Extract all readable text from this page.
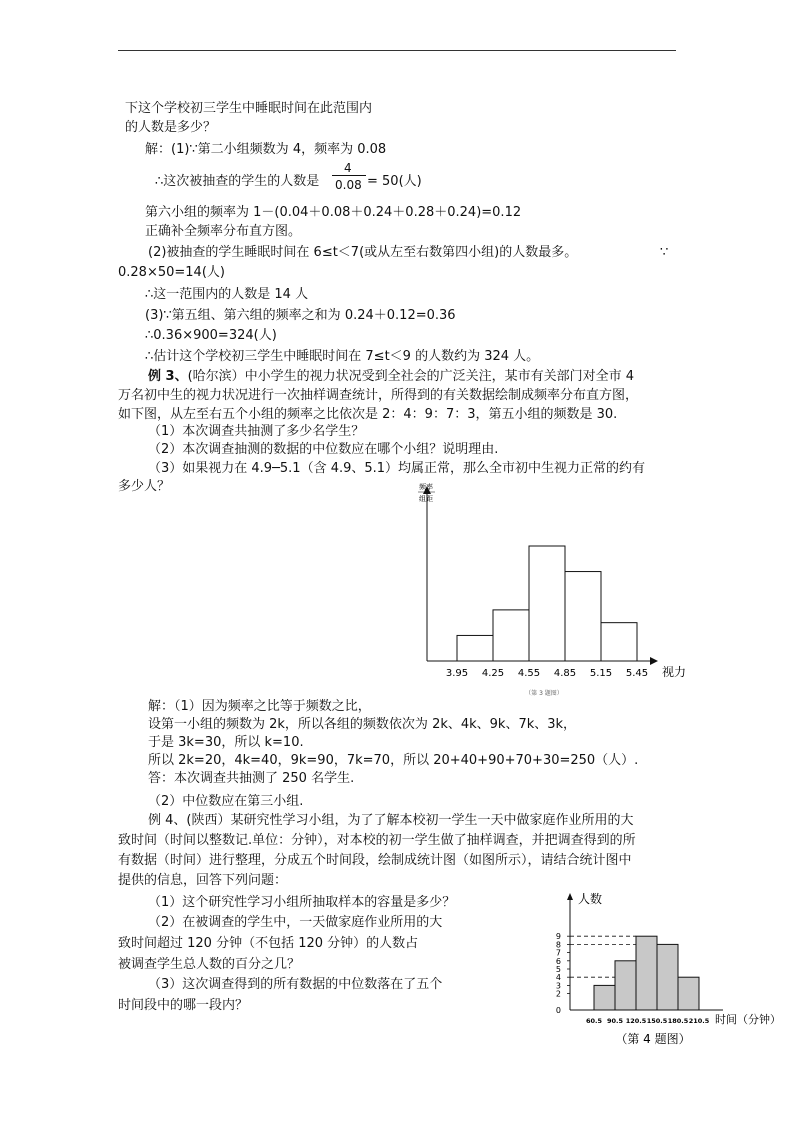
下这个学校初三学生中睡眠时间在此范围内
的人数是多少？
解：(1)∵第二小组频数为 4，频率为 0.08
∴这次被抽查的学生的人数是	= 50(人)
第六小组的频率为 1－(0.04＋0.08＋0.24＋0.28＋0.24)=0.12
正确补全频率分布直方图。
(2)被抽查的学生睡眠时间在 6≤t＜7(或从左至右数第四小组)的人数最多。	∵
0.28×50=14(人)
∴这一范围内的人数是 14 人
(3)∵第五组、第六组的频率之和为 0.24＋0.12=0.36
∴0.36×900=324(人)
∴估计这个学校初三学生中睡眠时间在 7≤t＜9 的人数约为 324 人。
万名初中生的视力状况进行一次抽样调查统计，所得到的有关数据绘制成频率分布直方图，
如下图，从左至右五个小组的频率之比依次是 2：4：9：7：3，第五小组的频数是 30.
（1）本次调查共抽测了多少名学生？
（2）本次调查抽测的数据的中位数应在哪个小组？说明理由.
（3）如果视力在 4.9─5.1（含 4.9、5.1）均属正常，那么全市初中生视力正常的约有
多少人？
解：（1）因为频率之比等于频数之比，
设第一小组的频数为 2k，所以各组的频数依次为 2k、4k、9k、7k、3k，
于是 3k=30，所以 k=10.
所以 2k=20，4k=40，9k=90，7k=70，所以 20+40+90+70+30=250（人）.
答：本次调查共抽测了 250 名学生.
（2）中位数应在第三小组.
例 4、(陕西）某研究性学习小组，为了了解本校初一学生一天中做家庭作业所用的大
致时间（时间以整数记.单位：分钟），对本校的初一学生做了抽样调查，并把调查得到的所
有数据（时间）进行整理，分成五个时间段，绘制成统计图（如图所示），请结合统计图中
提供的信息，回答下列问题：
（1）这个研究性学习小组所抽取样本的容量是多少？
（2）在被调查的学生中，一天做家庭作业所用的大
致时间超过 120 分钟（不包括 120 分钟）的人数占
被调查学生总人数的百分之几？
（3）这次调查得到的所有数据的中位数落在了五个
时间段中的哪一段内？
例 3、(哈尔滨）中小学生的视力状况受到全社会的广泛关注，某市有关部门对全市 4
4
0.08
频率
组距
3.95 4.25 4.55 4.85 5.15 5.45 视力
（第 3 题图）
人数
0
2
3
4
5
6
7
8
9
60.5 90.5 120.5 150.5 180.5 210.5 时间（分钟）
（第 4 题图）
